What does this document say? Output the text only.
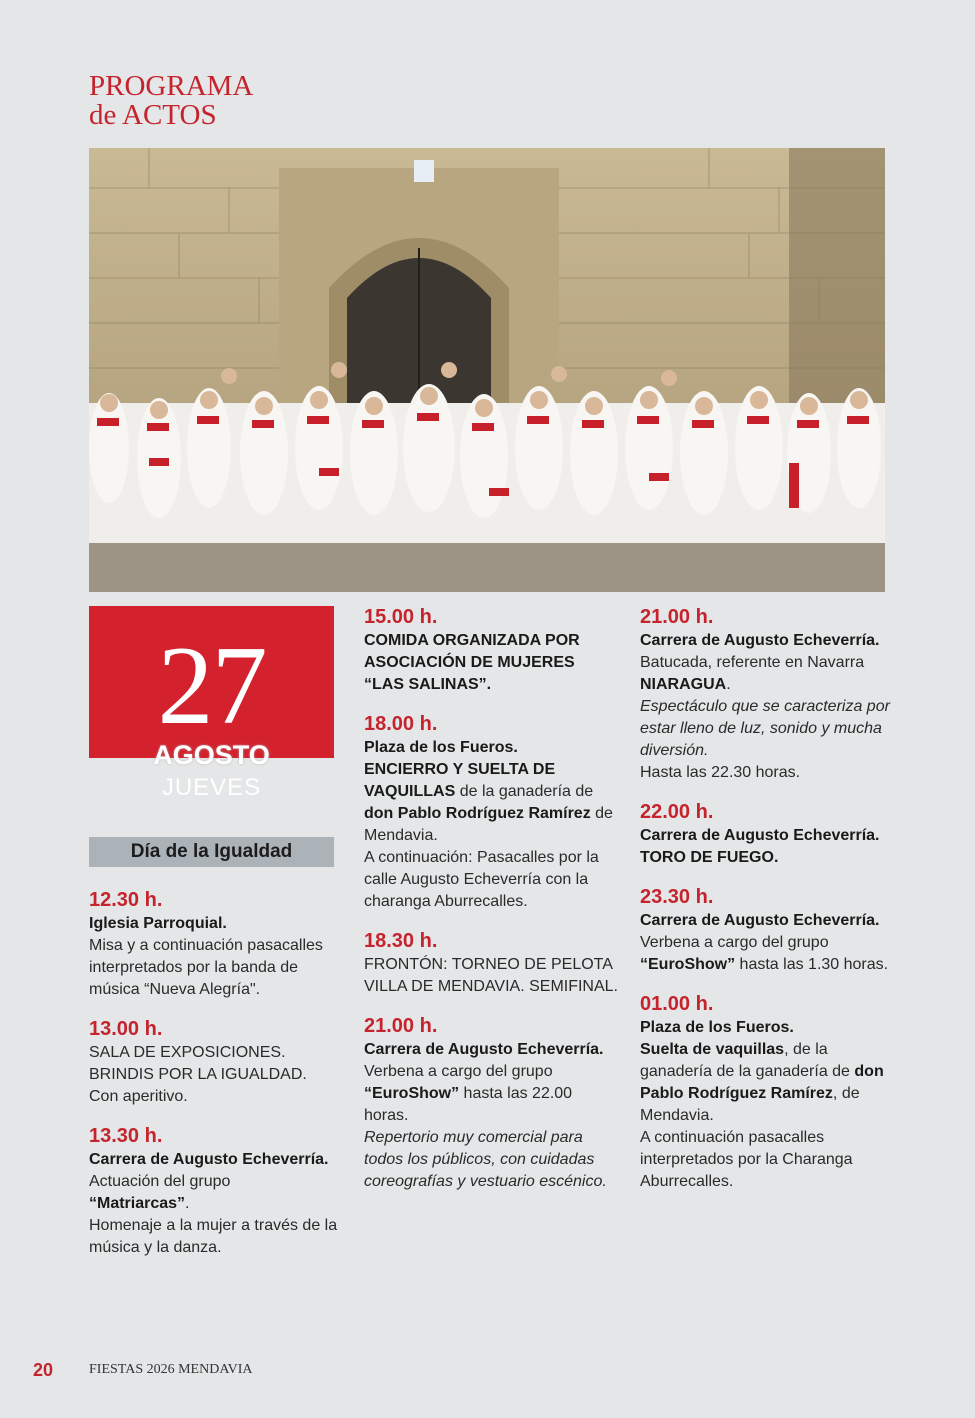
PROGRAMA
de ACTOS
27
AGOSTO
JUEVES
Día de la Igualdad
12.30 h.
Iglesia Parroquial.
Misa y a continuación pasacalles interpretados por la banda de música “Nueva Alegría".
13.00 h.
SALA DE EXPOSICIONES.
BRINDIS POR LA IGUALDAD.
Con aperitivo.
13.30 h.
Carrera de Augusto Echeverría.
Actuación del grupo
“Matriarcas”.
Homenaje a la mujer a través de la música y la danza.
15.00 h.
COMIDA ORGANIZADA POR ASOCIACIÓN DE MUJERES “LAS SALINAS”.
18.00 h.
Plaza de los Fueros.
ENCIERRO Y SUELTA DE
VAQUILLAS de la ganadería de don Pablo Rodríguez Ramírez de Mendavia.
A continuación: Pasacalles por la calle Augusto Echeverría con la charanga Aburrecalles.
18.30 h.
FRONTÓN: TORNEO DE PELOTA VILLA DE MENDAVIA. SEMIFINAL.
21.00 h.
Carrera de Augusto Echeverría.
Verbena a cargo del grupo
“EuroShow” hasta las 22.00 horas.
Repertorio muy comercial para todos los públicos, con cuidadas coreografías y vestuario escénico.
21.00 h.
Carrera de Augusto Echeverría.
Batucada, referente en Navarra NIARAGUA.
Espectáculo que se caracteriza por estar lleno de luz, sonido y mucha diversión.
Hasta las 22.30 horas.
22.00 h.
Carrera de Augusto Echeverría.
TORO DE FUEGO.
23.30 h.
Carrera de Augusto Echeverría.
Verbena a cargo del grupo
“EuroShow” hasta las 1.30 horas.
01.00 h.
Plaza de los Fueros.
Suelta de vaquillas, de la ganadería de la ganadería de don Pablo Rodríguez Ramírez, de Mendavia.
A continuación pasacalles interpretados por la Charanga Aburrecalles.
20	FIESTAS 2026 MENDAVIA
